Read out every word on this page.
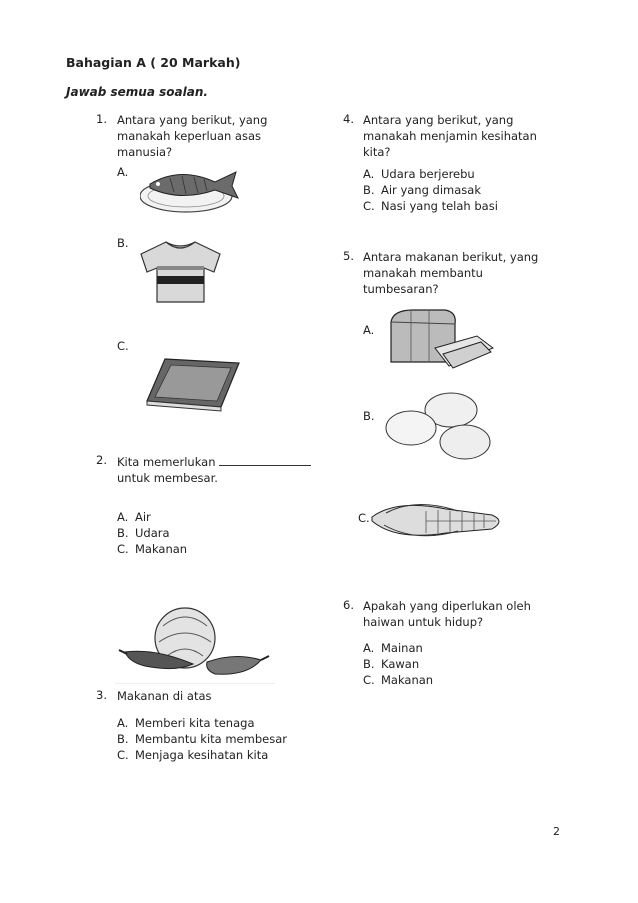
Bahagian A ( 20 Markah)
Jawab semua soalan.
1. Antara yang berikut, yang
manakah keperluan asas
manusia?
A.
B.
C.
2. Kita memerlukan
untuk membesar.
A. Air
B. Udara
C. Makanan
3. Makanan di atas
A. Memberi kita tenaga
B. Membantu kita membesar
C. Menjaga kesihatan kita
4. Antara yang berikut, yang
manakah menjamin kesihatan
kita?
A. Udara berjerebu
B. Air yang dimasak
C. Nasi yang telah basi
5. Antara makanan berikut, yang
manakah membantu
tumbesaran?
A.
B.
C.
6. Apakah yang diperlukan oleh
haiwan untuk hidup?
A. Mainan
B. Kawan
C. Makanan
2
